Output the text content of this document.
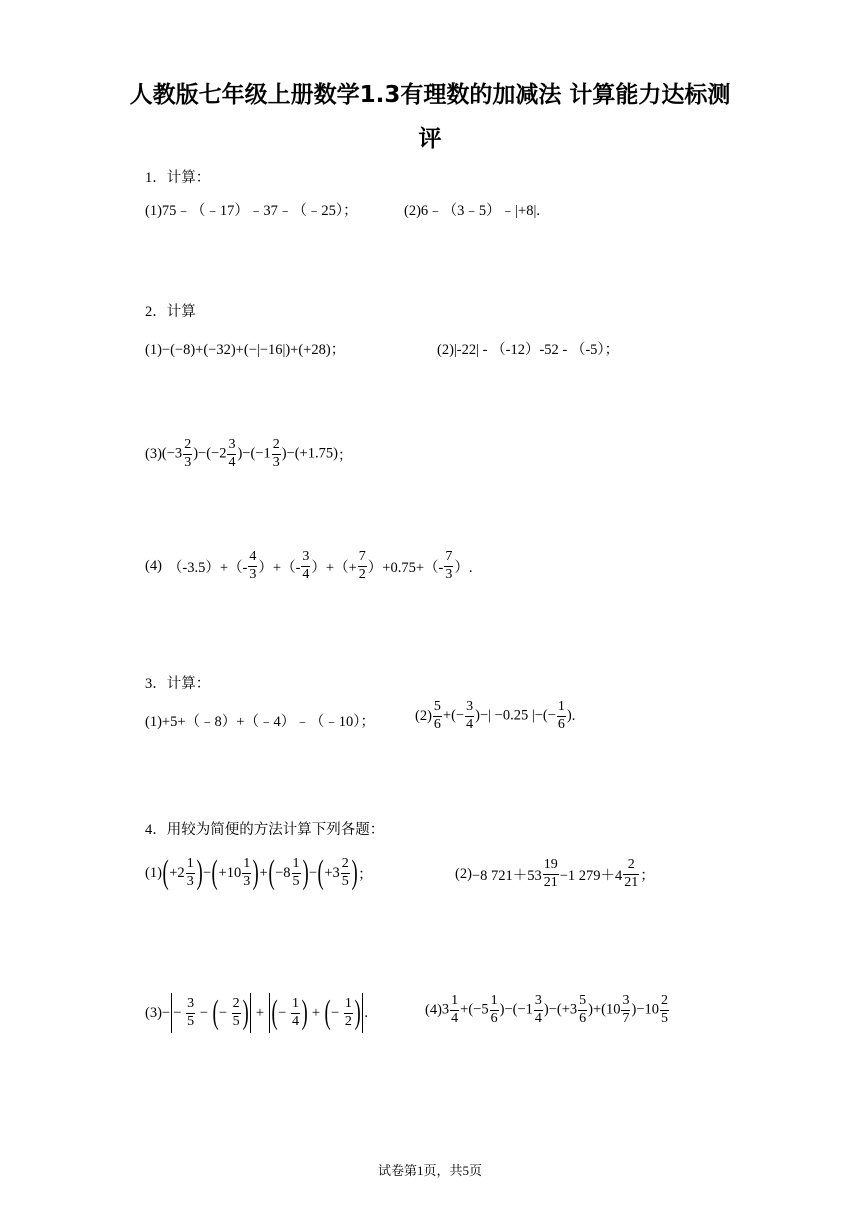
人教版七年级上册数学1.3有理数的加减法 计算能力达标测
评
1．计算：
(1)75﹣（﹣17）﹣37﹣（﹣25）；	(2)6﹣（3﹣5）﹣|+8|.
2．计算
(1)−(−8)+(−32)+(−|−16|)+(+28)；	(2)|-22| - （-12）-52 - （-5）；
(3) $(-3 \frac{2}{3} )-(-2 \frac{3}{4} )-(-1 \frac{2}{3} )-(+1.75)$ ；
(4) $(-3.5)+(- \frac{4}{3}$ ）+（- $\frac{3}{4}$ ）+（+ $\frac{7}{2} )+0.75+(- \frac{7}{3}$ ）.
3．计算：
(1)+5+（﹣8）+（﹣4）﹣（﹣10）；	$(2) \frac{5}{6}$ +(− $\frac{3}{4}$ )−| −0.25 |−(− $\frac{1}{6}$ ) .
4．用较为简便的方法计算下列各题：
(1) ( $+2 \frac{1}{3}$ ) − ( $+10 \frac{1}{3}$ ) + ( $-8 \frac{1}{5}$ ) − ( $+3 \frac{2}{5}$ ) ；	(2) −8 $721+53 \frac{19}{21} -1$ $279+4 \frac{2}{21}$ ；
$(3)- - \frac{3}{5}$ − ( − $\frac{2}{5}$ ) + ( − $\frac{1}{4}$ ) + ( − $\frac{1}{2}$ ) .	(4) $3 \frac{1}{4} +(-5 \frac{1}{6} )-(-1 \frac{3}{4} )-(+3 \frac{5}{6} )+(10 \frac{3}{7} )-10 \frac{2}{5}$
试卷第1页，共5页
